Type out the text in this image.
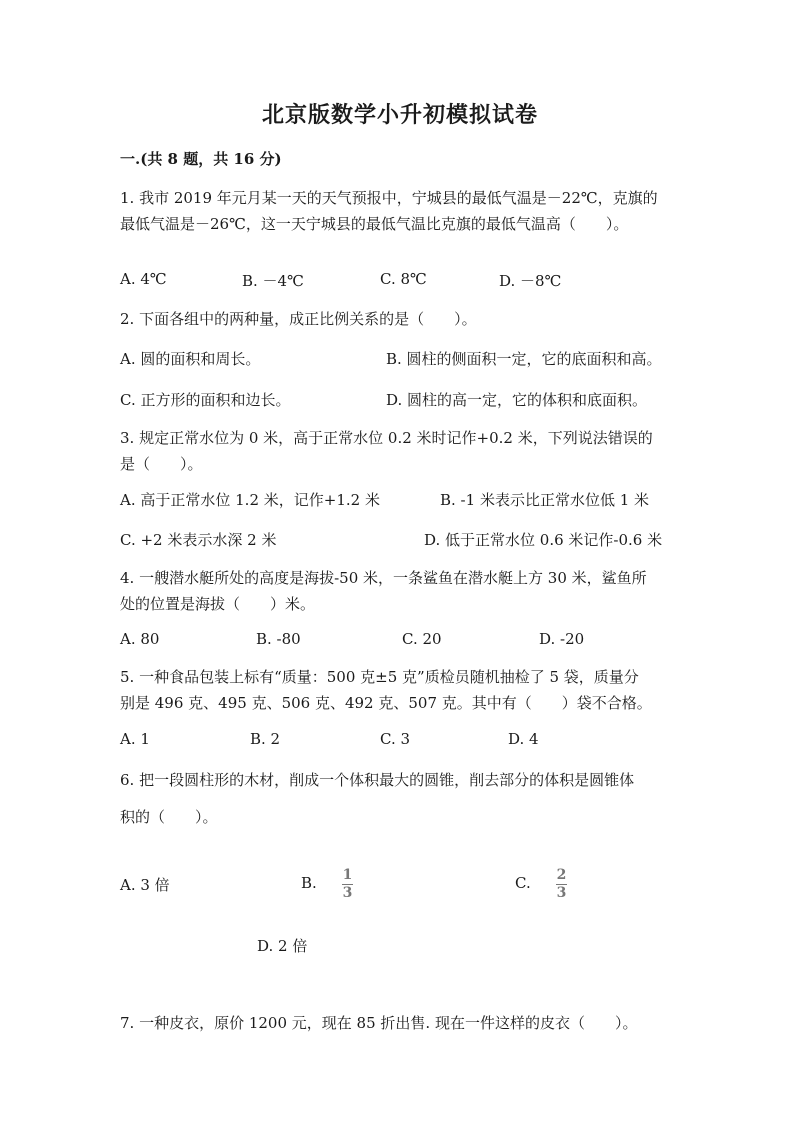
北京版数学小升初模拟试卷
一.(共 8 题，共 16 分)
1. 我市 2019 年元月某一天的天气预报中，宁城县的最低气温是－22℃，克旗的
最低气温是－26℃，这一天宁城县的最低气温比克旗的最低气温高（　　）。
A. 4℃	B. －4℃	C. 8℃	D. －8℃
2. 下面各组中的两种量，成正比例关系的是（　　）。
A. 圆的面积和周长。	B. 圆柱的侧面积一定，它的底面积和高。
C. 正方形的面积和边长。	D. 圆柱的高一定，它的体积和底面积。
3. 规定正常水位为 0 米，高于正常水位 0.2 米时记作+0.2 米，下列说法错误的
是（　　）。
A. 高于正常水位 1.2 米，记作+1.2 米	B. -1 米表示比正常水位低 1 米
C. +2 米表示水深 2 米	D. 低于正常水位 0.6 米记作-0.6 米
4. 一艘潜水艇所处的高度是海拔-50 米，一条鲨鱼在潜水艇上方 30 米，鲨鱼所
处的位置是海拔（　　）米。
A. 80	B. -80	C. 20	D. -20
5. 一种食品包装上标有“质量：500 克±5 克”质检员随机抽检了 5 袋，质量分
别是 496 克、495 克、506 克、492 克、507 克。其中有（　　）袋不合格。
A. 1	B. 2	C. 3	D. 4
6. 把一段圆柱形的木材，削成一个体积最大的圆锥，削去部分的体积是圆锥体
积的（　　）。
A. 3 倍	B. 1
3
C. 2
3
D. 2 倍
7. 一种皮衣，原价 1200 元，现在 85 折出售. 现在一件这样的皮衣（　　）。
